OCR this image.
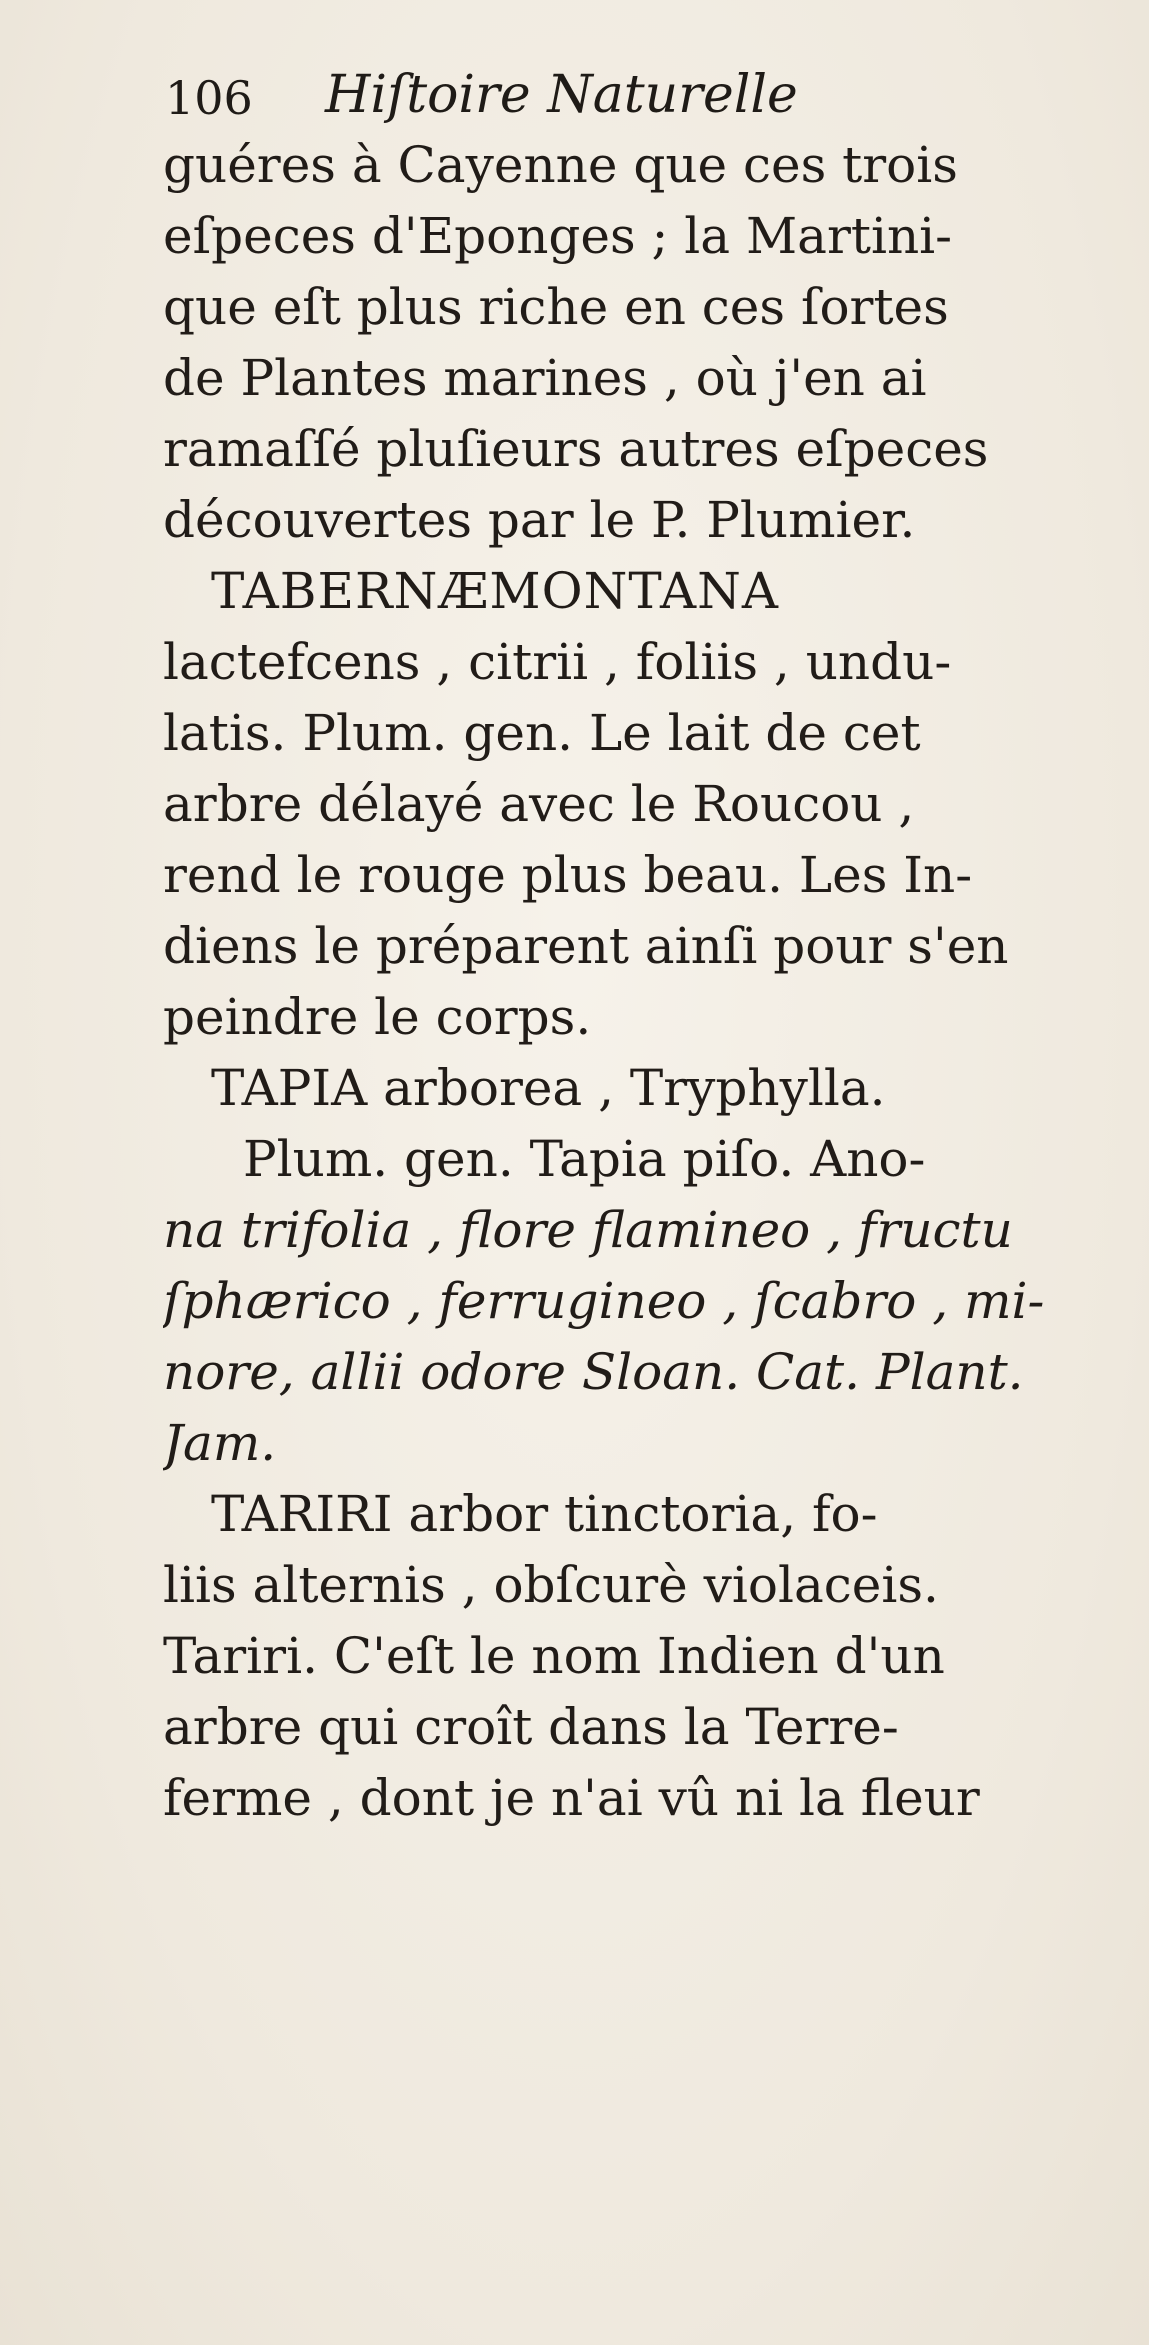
106 Hiſtoire Naturelle
guéres à Cayenne que ces trois
eſpeces d'Eponges ; la Martini-
que eſt plus riche en ces ſortes
de Plantes marines , où j'en ai
ramaſſé pluſieurs autres eſpeces
découvertes par le P. Plumier.
TABERNÆMONTANA
lactefcens , citrii , foliis , undu-
latis. Plum. gen. Le lait de cet
arbre délayé avec le Roucou ,
rend le rouge plus beau. Les In-
diens le préparent ainſi pour s'en
peindre le corps.
TAPIA arborea , Tryphylla.
Plum. gen. Tapia piſo. Ano-
na trifolia , flore flamineo , fructu
ſphærico , ferrugineo , ſcabro , mi-
nore, allii odore Sloan. Cat. Plant.
Jam.
TARIRI arbor tinctoria, fo-
liis alternis , obſcurè violaceis.
Tariri. C'eſt le nom Indien d'un
arbre qui croît dans la Terre-
ferme , dont je n'ai vû ni la fleur
